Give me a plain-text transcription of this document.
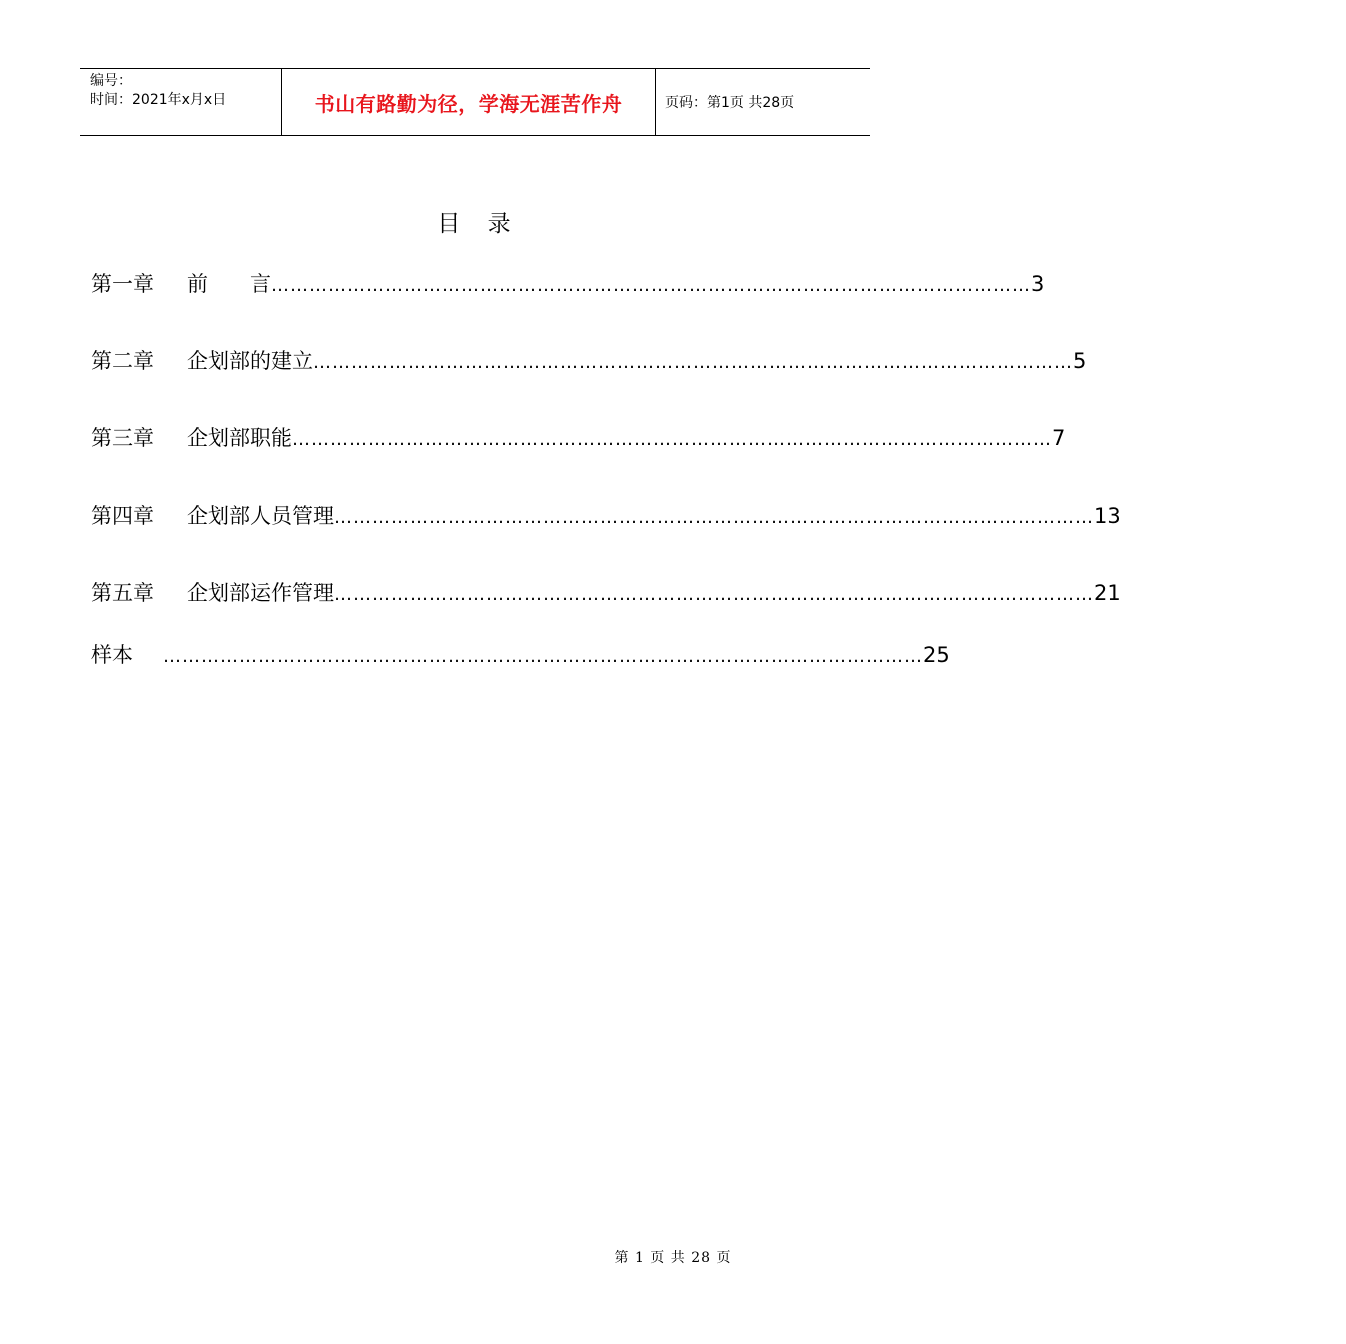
编号：
时间：2021年x月x日	书山有路勤为径，学海无涯苦作舟	页码：第1页 共28页
目 录
第一章	前　　言 ………………………………………………………………………………………………………… 3
第二章	企划部的建立 ………………………………………………………………………………………………………… 5
第三章	企划部职能 ………………………………………………………………………………………………………… 7
第四章	企划部人员管理 ………………………………………………………………………………………………………… 13
第五章	企划部运作管理 ………………………………………………………………………………………………………… 21
样本	………………………………………………………………………………………………………… 25
第 1 页 共 28 页
